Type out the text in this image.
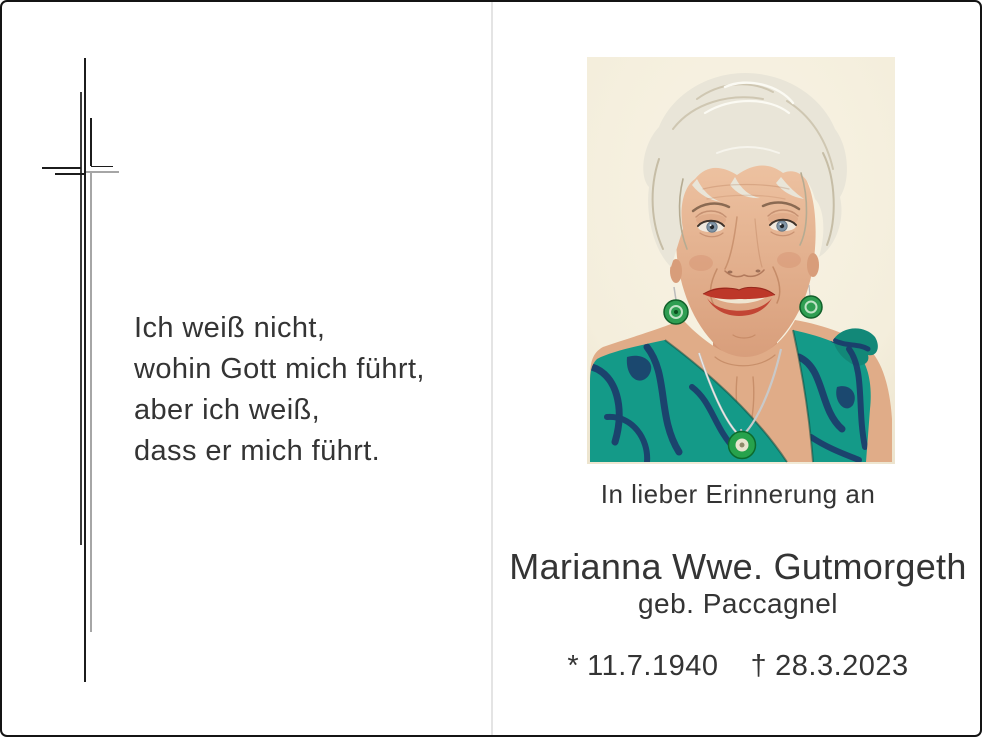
Ich weiß nicht,
wohin Gott mich führt,
aber ich weiß,
dass er mich führt.
In lieber Erinnerung an
Marianna Wwe. Gutmorgeth
geb. Paccagnel
* 11.7.1940 † 28.3.2023
